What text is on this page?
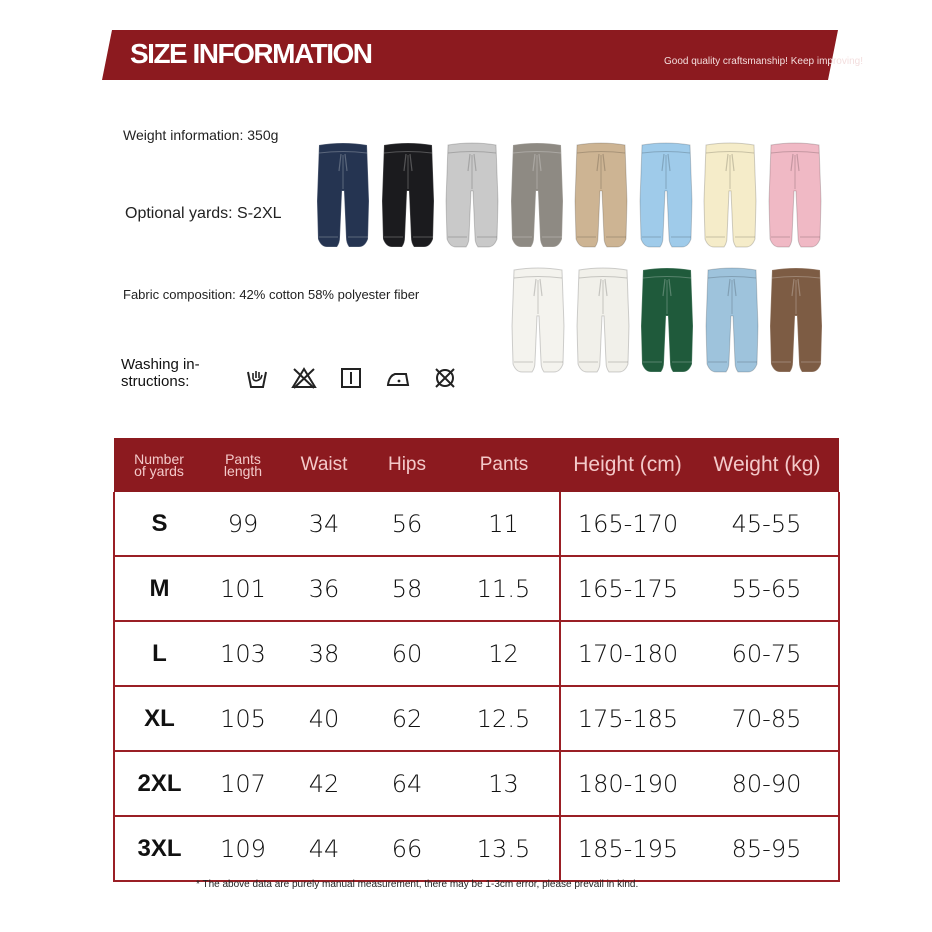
SIZE INFORMATION	Good quality craftsmanship! Keep improving!
Weight information: 350g
Optional yards: S-2XL
Fabric composition: 42% cotton 58% polyester fiber
Washing in-
structions:
Number of yards	Pants length	Waist	Hips	Pants	Height (cm)	Weight (kg)
S	99	34	56	11	165-170	45-55
M	101	36	58	11.5	165-175	55-65
L	103	38	60	12	170-180	60-75
XL	105	40	62	12.5	175-185	70-85
2XL	107	42	64	13	180-190	80-90
3XL	109	44	66	13.5	185-195	85-95
* The above data are purely manual measurement, there may be 1-3cm error, please prevail in kind.
